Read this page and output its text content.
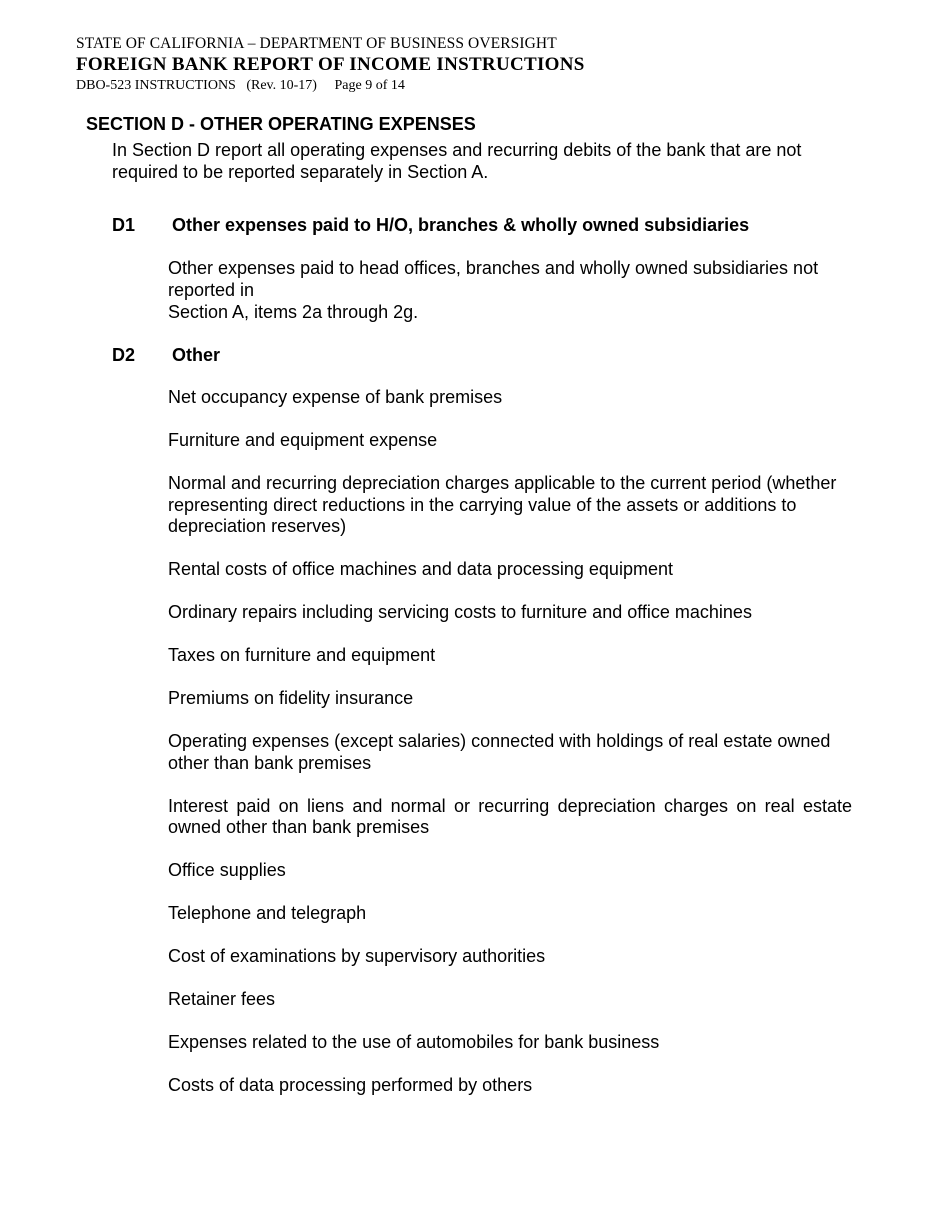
STATE OF CALIFORNIA – DEPARTMENT OF BUSINESS OVERSIGHT
FOREIGN BANK REPORT OF INCOME INSTRUCTIONS
DBO-523 INSTRUCTIONS (Rev. 10-17) Page 9 of 14
SECTION D - OTHER OPERATING EXPENSES
In Section D report all operating expenses and recurring debits of the bank that are not required to be reported separately in Section A.
D1 Other expenses paid to H/O, branches & wholly owned subsidiaries
Other expenses paid to head offices, branches and wholly owned subsidiaries not reported in
Section A, items 2a through 2g.
D2 Other
Net occupancy expense of bank premises
Furniture and equipment expense
Normal and recurring depreciation charges applicable to the current period (whether representing direct reductions in the carrying value of the assets or additions to depreciation reserves)
Rental costs of office machines and data processing equipment
Ordinary repairs including servicing costs to furniture and office machines
Taxes on furniture and equipment
Premiums on fidelity insurance
Operating expenses (except salaries) connected with holdings of real estate owned other than bank premises
Interest paid on liens and normal or recurring depreciation charges on real estate owned other than bank premises
Office supplies
Telephone and telegraph
Cost of examinations by supervisory authorities
Retainer fees
Expenses related to the use of automobiles for bank business
Costs of data processing performed by others
